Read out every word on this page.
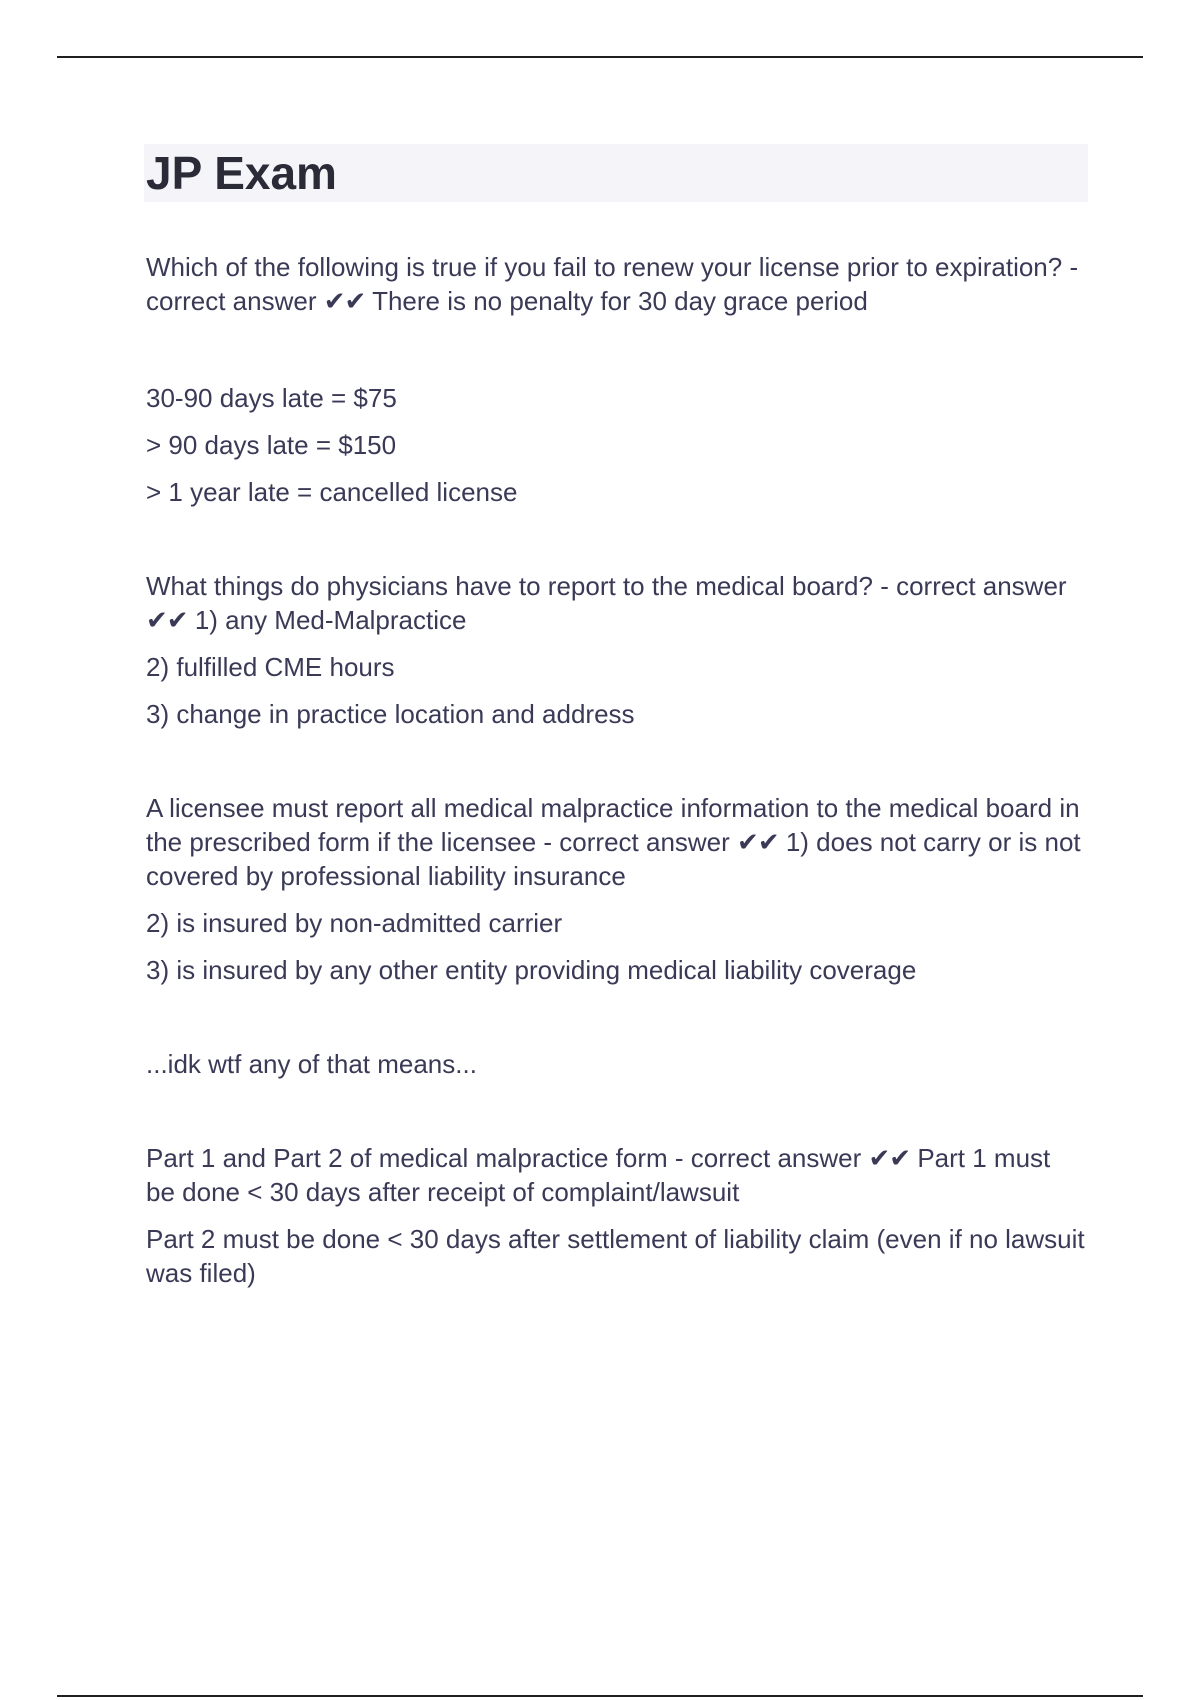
JP Exam

Which of the following is true if you fail to renew your license prior to expiration? - correct answer ✔✔ There is no penalty for 30 day grace period

30-90 days late = $75

> 90 days late = $150

> 1 year late = cancelled license

What things do physicians have to report to the medical board? - correct answer ✔✔ 1) any Med-Malpractice

2) fulfilled CME hours

3) change in practice location and address

A licensee must report all medical malpractice information to the medical board in the prescribed form if the licensee - correct answer ✔✔ 1) does not carry or is not covered by professional liability insurance

2) is insured by non-admitted carrier

3) is insured by any other entity providing medical liability coverage

...idk wtf any of that means...

Part 1 and Part 2 of medical malpractice form - correct answer ✔✔ Part 1 must be done < 30 days after receipt of complaint/lawsuit

Part 2 must be done < 30 days after settlement of liability claim (even if no lawsuit was filed)
